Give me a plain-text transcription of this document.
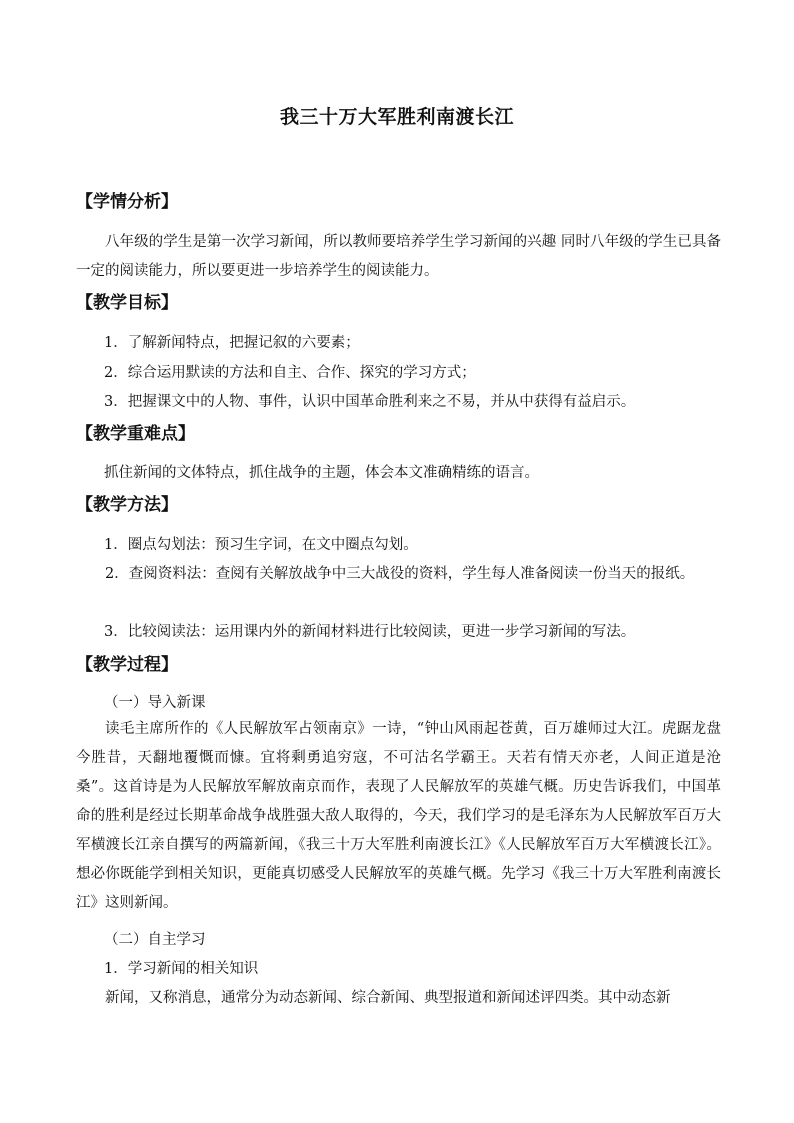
我三十万大军胜利南渡长江
【学情分析】
八年级的学生是第一次学习新闻，所以教师要培养学生学习新闻的兴趣 同时八年级的学生已具备一定的阅读能力，所以要更进一步培养学生的阅读能力。
【教学目标】
1．了解新闻特点，把握记叙的六要素；
2．综合运用默读的方法和自主、合作、探究的学习方式；
3．把握课文中的人物、事件，认识中国革命胜利来之不易，并从中获得有益启示。
【教学重难点】
抓住新闻的文体特点，抓住战争的主题，体会本文准确精练的语言。
【教学方法】
1．圈点勾划法：预习生字词，在文中圈点勾划。
2．查阅资料法：查阅有关解放战争中三大战役的资料，学生每人准备阅读一份当天的报纸。
3．比较阅读法：运用课内外的新闻材料进行比较阅读，更进一步学习新闻的写法。
【教学过程】
（一）导入新课
读毛主席所作的《人民解放军占领南京》一诗，“钟山风雨起苍黄，百万雄师过大江。虎踞龙盘今胜昔，天翻地覆慨而慷。宜将剩勇追穷寇，不可沽名学霸王。天若有情天亦老，人间正道是沧桑”。这首诗是为人民解放军解放南京而作，表现了人民解放军的英雄气概。历史告诉我们，中国革命的胜利是经过长期革命战争战胜强大敌人取得的，今天，我们学习的是毛泽东为人民解放军百万大军横渡长江亲自撰写的两篇新闻，《我三十万大军胜利南渡长江》《人民解放军百万大军横渡长江》。想必你既能学到相关知识，更能真切感受人民解放军的英雄气概。先学习《我三十万大军胜利南渡长江》这则新闻。
（二）自主学习
1．学习新闻的相关知识
新闻，又称消息，通常分为动态新闻、综合新闻、典型报道和新闻述评四类。其中动态新
